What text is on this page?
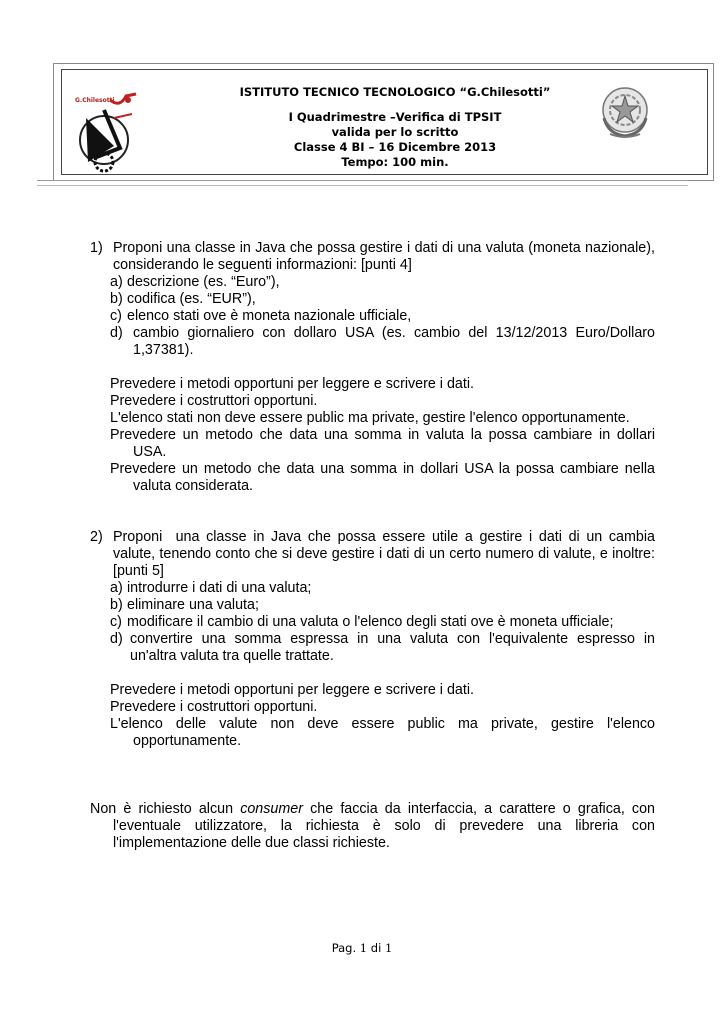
G.Chilesotti
ISTITUTO TECNICO TECNOLOGICO “G.Chilesotti”
I Quadrimestre –Verifica di TPSIT
valida per lo scritto
Classe 4 BI – 16 Dicembre 2013
Tempo: 100 min.
1) Proponi una classe in Java che possa gestire i dati di una valuta (moneta nazionale), considerando le seguenti informazioni: [punti 4]
a) descrizione (es. “Euro”),
b) codifica (es. “EUR”),
c) elenco stati ove è moneta nazionale ufficiale,
d) cambio giornaliero con dollaro USA (es. cambio del 13/12/2013 Euro/Dollaro 1,37381).
Prevedere i metodi opportuni per leggere e scrivere i dati.
Prevedere i costruttori opportuni.
L'elenco stati non deve essere public ma private, gestire l'elenco opportunamente.
Prevedere un metodo che data una somma in valuta la possa cambiare in dollari USA.
Prevedere un metodo che data una somma in dollari USA la possa cambiare nella valuta considerata.
2) Proponi  una classe in Java che possa essere utile a gestire i dati di un cambia valute, tenendo conto che si deve gestire i dati di un certo numero di valute, e inoltre: [punti 5]
a) introdurre i dati di una valuta;
b) eliminare una valuta;
c) modificare il cambio di una valuta o l'elenco degli stati ove è moneta ufficiale;
d) convertire una somma espressa in una valuta con l'equivalente espresso in un'altra valuta tra quelle trattate.
Prevedere i metodi opportuni per leggere e scrivere i dati.
Prevedere i costruttori opportuni.
L'elenco delle valute non deve essere public ma private, gestire l'elenco opportunamente.
Non è richiesto alcun consumer che faccia da interfaccia, a carattere o grafica, con l'eventuale utilizzatore, la richiesta è solo di prevedere una libreria con l'implementazione delle due classi richieste.
Pag. 1 di 1
